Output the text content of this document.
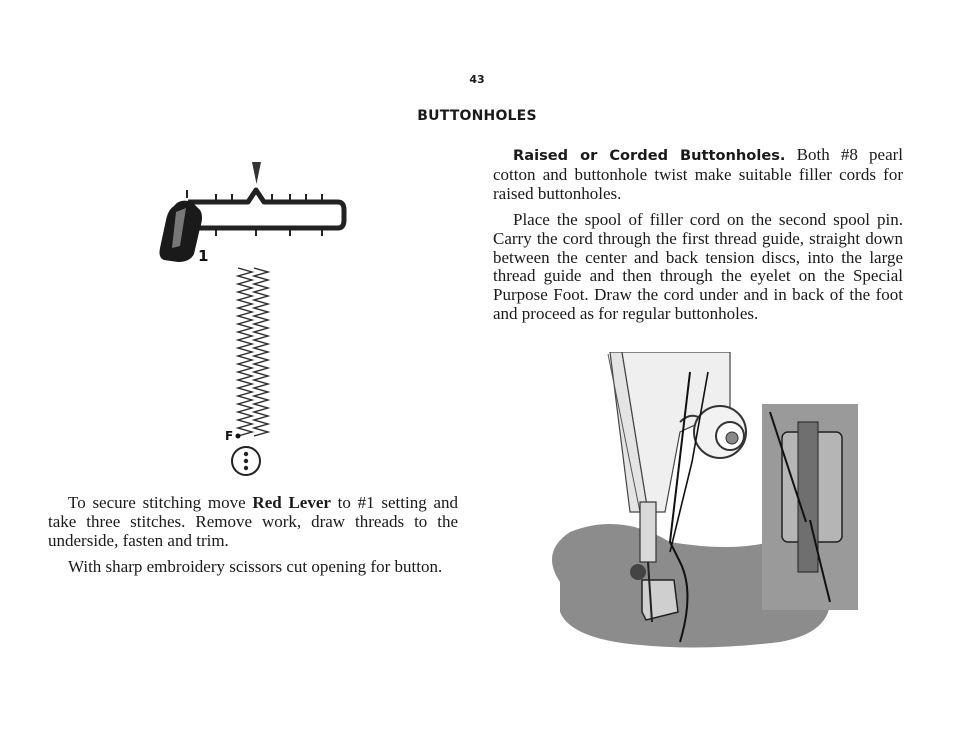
43
BUTTONHOLES
1
F

Raised or Corded Buttonholes. Both #8 pearl cotton and buttonhole twist make suitable filler cords for raised buttonholes.

Place the spool of filler cord on the second spool pin. Carry the cord through the first thread guide, straight down between the center and back tension discs, into the large thread guide and then through the eyelet on the Special Purpose Foot. Draw the cord under and in back of the foot and proceed as for regular buttonholes.

To secure stitching move Red Lever to #1 setting and take three stitches. Remove work, draw threads to the underside, fasten and trim.

With sharp embroidery scissors cut opening for button.
